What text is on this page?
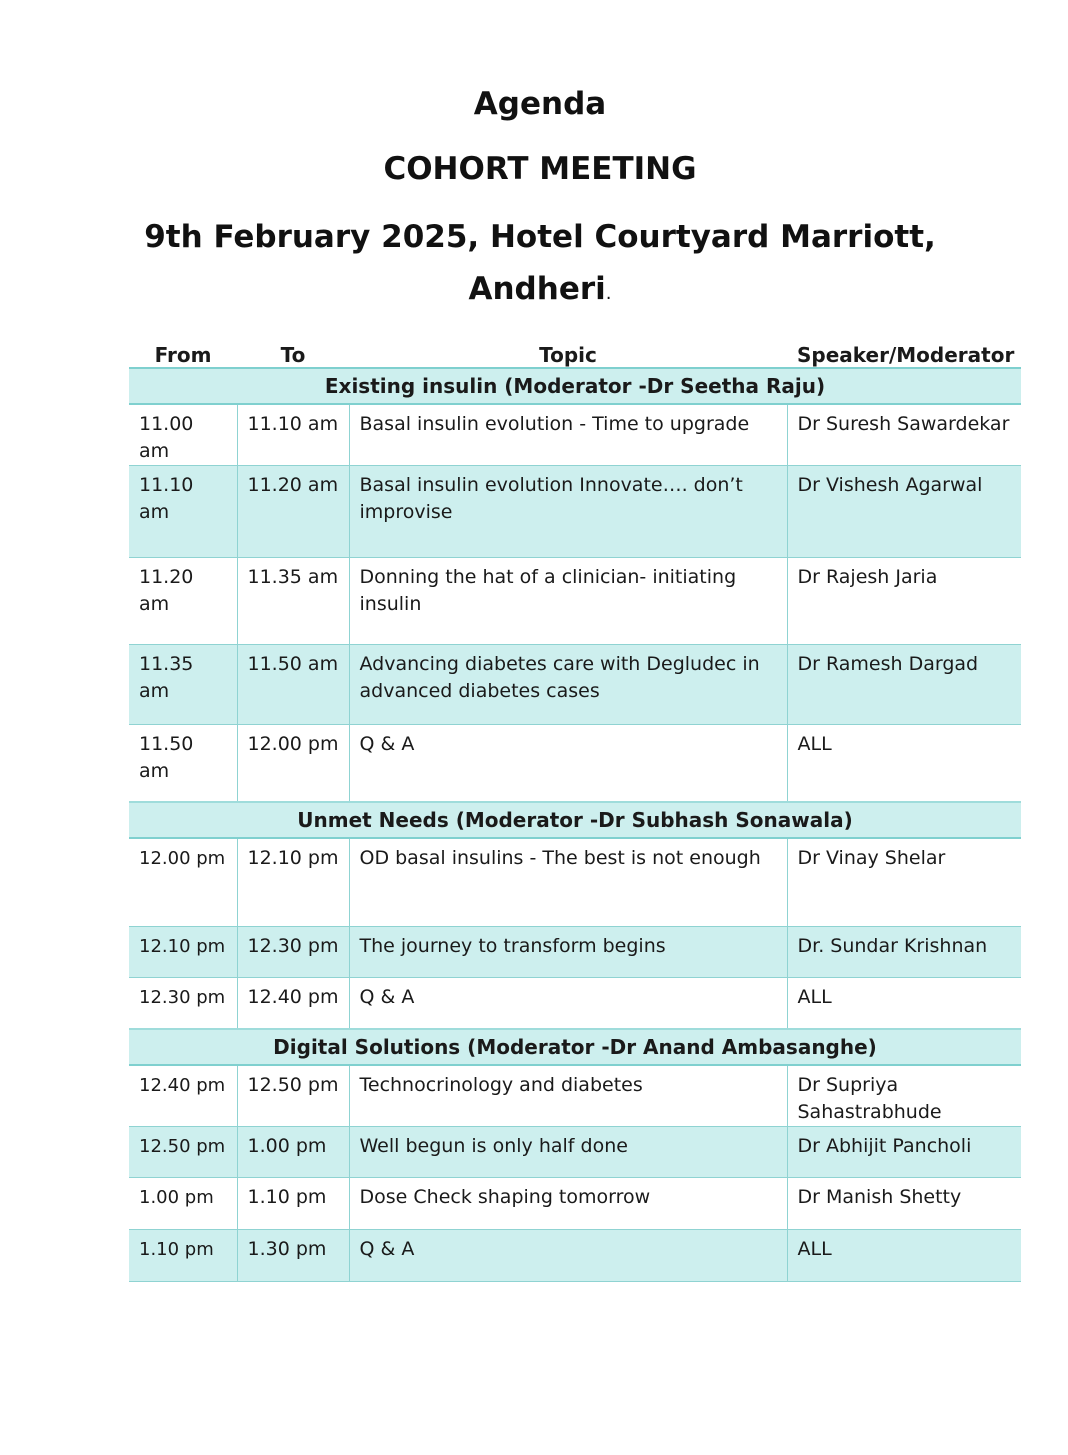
Agenda
COHORT MEETING
9th February 2025, Hotel Courtyard Marriott,
Andheri.
From	To	Topic	Speaker/Moderator
Existing insulin (Moderator -Dr Seetha Raju)			
11.00 am	11.10 am	Basal insulin evolution - Time to upgrade	Dr Suresh Sawardekar
11.10 am	11.20 am	Basal insulin evolution Innovate…. don’t improvise	Dr Vishesh Agarwal
11.20 am	11.35 am	Donning the hat of a clinician- initiating insulin	Dr Rajesh Jaria
11.35 am	11.50 am	Advancing diabetes care with Degludec in advanced diabetes cases	Dr Ramesh Dargad
11.50 am	12.00 pm	Q & A	ALL
Unmet Needs (Moderator -Dr Subhash Sonawala)			
12.00 pm	12.10 pm	OD basal insulins - The best is not enough	Dr Vinay Shelar
12.10 pm	12.30 pm	The journey to transform begins	Dr. Sundar Krishnan
12.30 pm	12.40 pm	Q & A	ALL
Digital Solutions (Moderator -Dr Anand Ambasanghe)			
12.40 pm	12.50 pm	Technocrinology and diabetes	Dr Supriya Sahastrabhude
12.50 pm	1.00 pm	Well begun is only half done	Dr Abhijit Pancholi
1.00 pm	1.10 pm	Dose Check shaping tomorrow	Dr Manish Shetty
1.10 pm	1.30 pm	Q & A	ALL
